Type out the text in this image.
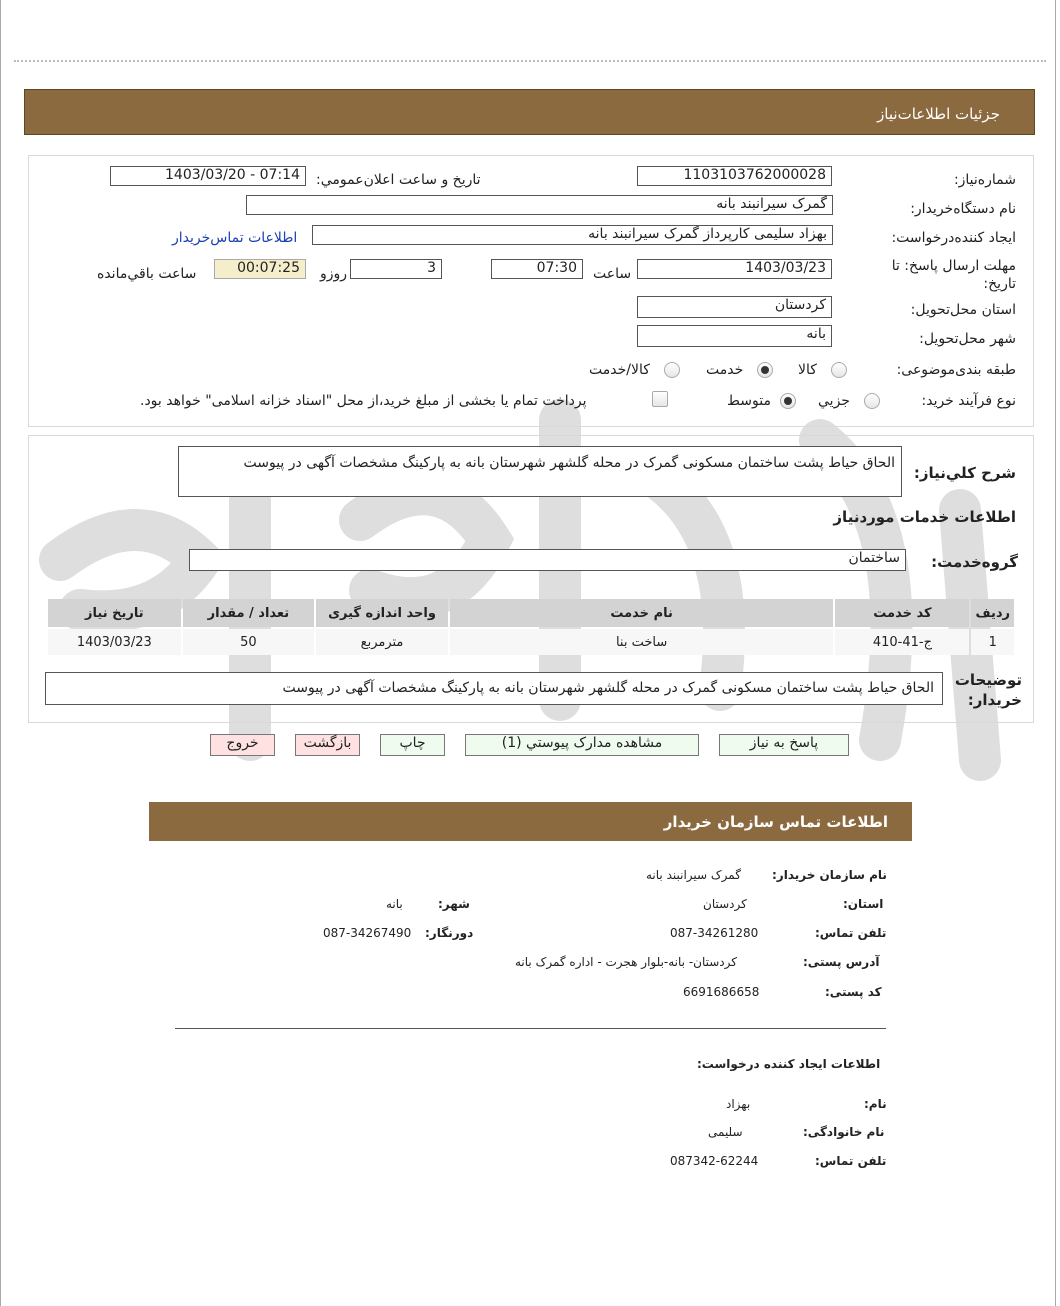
جزئيات اطلاعات‌نیاز
شماره‌نیاز:
1103103762000028
تاريخ و ساعت اعلان‌عمومي:
1403/03/20 - 07:14
نام دستگاه‌خريدار:
گمرک سیرانبند بانه
ايجاد کننده‌درخواست:
بهزاد سلیمی کارپرداز گمرک سیرانبند بانه
اطلاعات تماس‌خريدار
مهلت ارسال پاسخ: تا تاريخ:
1403/03/23
ساعت
07:30
3
روزو
00:07:25
ساعت باقي‌مانده
استان محل‌تحويل:
کردستان
شهر محل‌تحويل:
بانه
طبقه بندی‌موضوعی:
کالا
خدمت
کالا/خدمت
نوع فرآیند خرید:
جزيي
متوسط
پرداخت تمام يا بخشی از مبلغ خريد،از محل "اسناد خزانه اسلامی" خواهد بود.
شرح کلي‌نياز:
الحاق حیاط پشت ساختمان مسکونی گمرک در محله گلشهر شهرستان بانه به پارکینگ مشخصات آگهی در پیوست
اطلاعات خدمات موردنیاز
گروه‌خدمت:
ساختمان
رديف	کد خدمت	نام خدمت	واحد اندازه گیری	تعداد / مقدار	تاريخ نياز
1	ج-41-410	ساخت بنا	مترمربع	50	1403/03/23
توضيحات خريدار:
الحاق حیاط پشت ساختمان مسکونی گمرک در محله گلشهر شهرستان بانه به پارکینگ مشخصات آگهی در پیوست
پاسخ به نياز
مشاهده مدارک پيوستي (1)
چاپ
بازگشت
خروج
اطلاعات تماس سازمان خريدار
نام سازمان خريدار:
گمرک سیرانبند بانه
استان:
کردستان
شهر:
بانه
تلفن تماس:
087-34261280
دورنگار:
087-34267490
آدرس پستی:
کردستان- بانه-بلوار هجرت - اداره گمرک بانه
کد پستی:
6691686658
اطلاعات ایجاد کننده درخواست:
نام:
بهزاد
نام خانوادگی:
سلیمی
تلفن تماس:
087342-62244
